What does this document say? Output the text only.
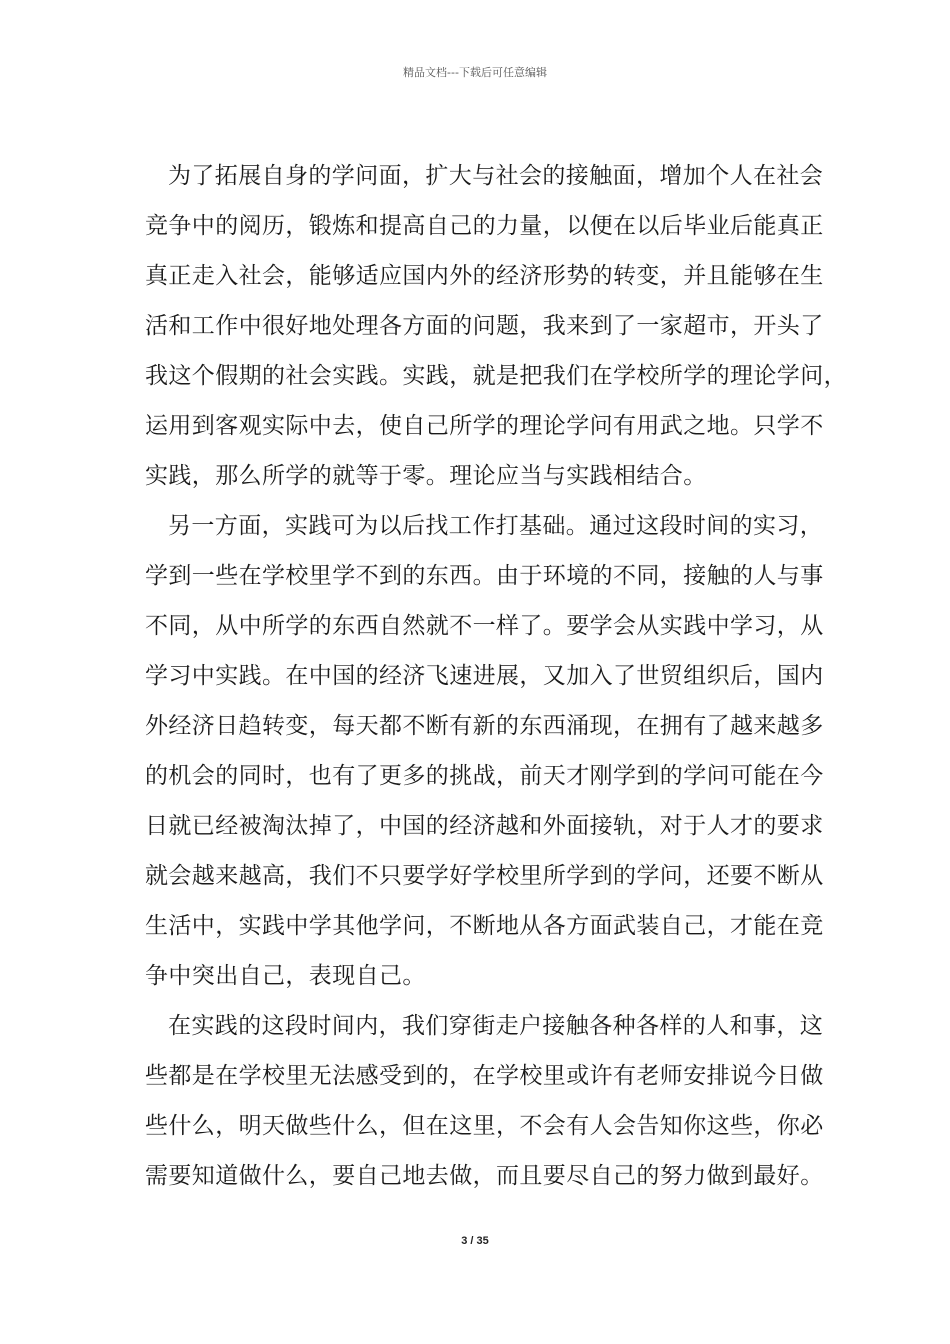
精品文档---下载后可任意编辑
为了拓展自身的学问面，扩大与社会的接触面，增加个人在社会
竞争中的阅历，锻炼和提高自己的力量，以便在以后毕业后能真正
真正走入社会，能够适应国内外的经济形势的转变，并且能够在生
活和工作中很好地处理各方面的问题，我来到了一家超市，开头了
我这个假期的社会实践。实践，就是把我们在学校所学的理论学问，
运用到客观实际中去，使自己所学的理论学问有用武之地。只学不
实践，那么所学的就等于零。理论应当与实践相结合。
另一方面，实践可为以后找工作打基础。通过这段时间的实习，
学到一些在学校里学不到的东西。由于环境的不同，接触的人与事
不同，从中所学的东西自然就不一样了。要学会从实践中学习，从
学习中实践。在中国的经济飞速进展，又加入了世贸组织后，国内
外经济日趋转变，每天都不断有新的东西涌现，在拥有了越来越多
的机会的同时，也有了更多的挑战，前天才刚学到的学问可能在今
日就已经被淘汰掉了，中国的经济越和外面接轨，对于人才的要求
就会越来越高，我们不只要学好学校里所学到的学问，还要不断从
生活中，实践中学其他学问，不断地从各方面武装自己，才能在竞
争中突出自己，表现自己。
在实践的这段时间内，我们穿街走户接触各种各样的人和事，这
些都是在学校里无法感受到的，在学校里或许有老师安排说今日做
些什么，明天做些什么，但在这里，不会有人会告知你这些，你必
需要知道做什么，要自己地去做，而且要尽自己的努力做到最好。
3 / 35
